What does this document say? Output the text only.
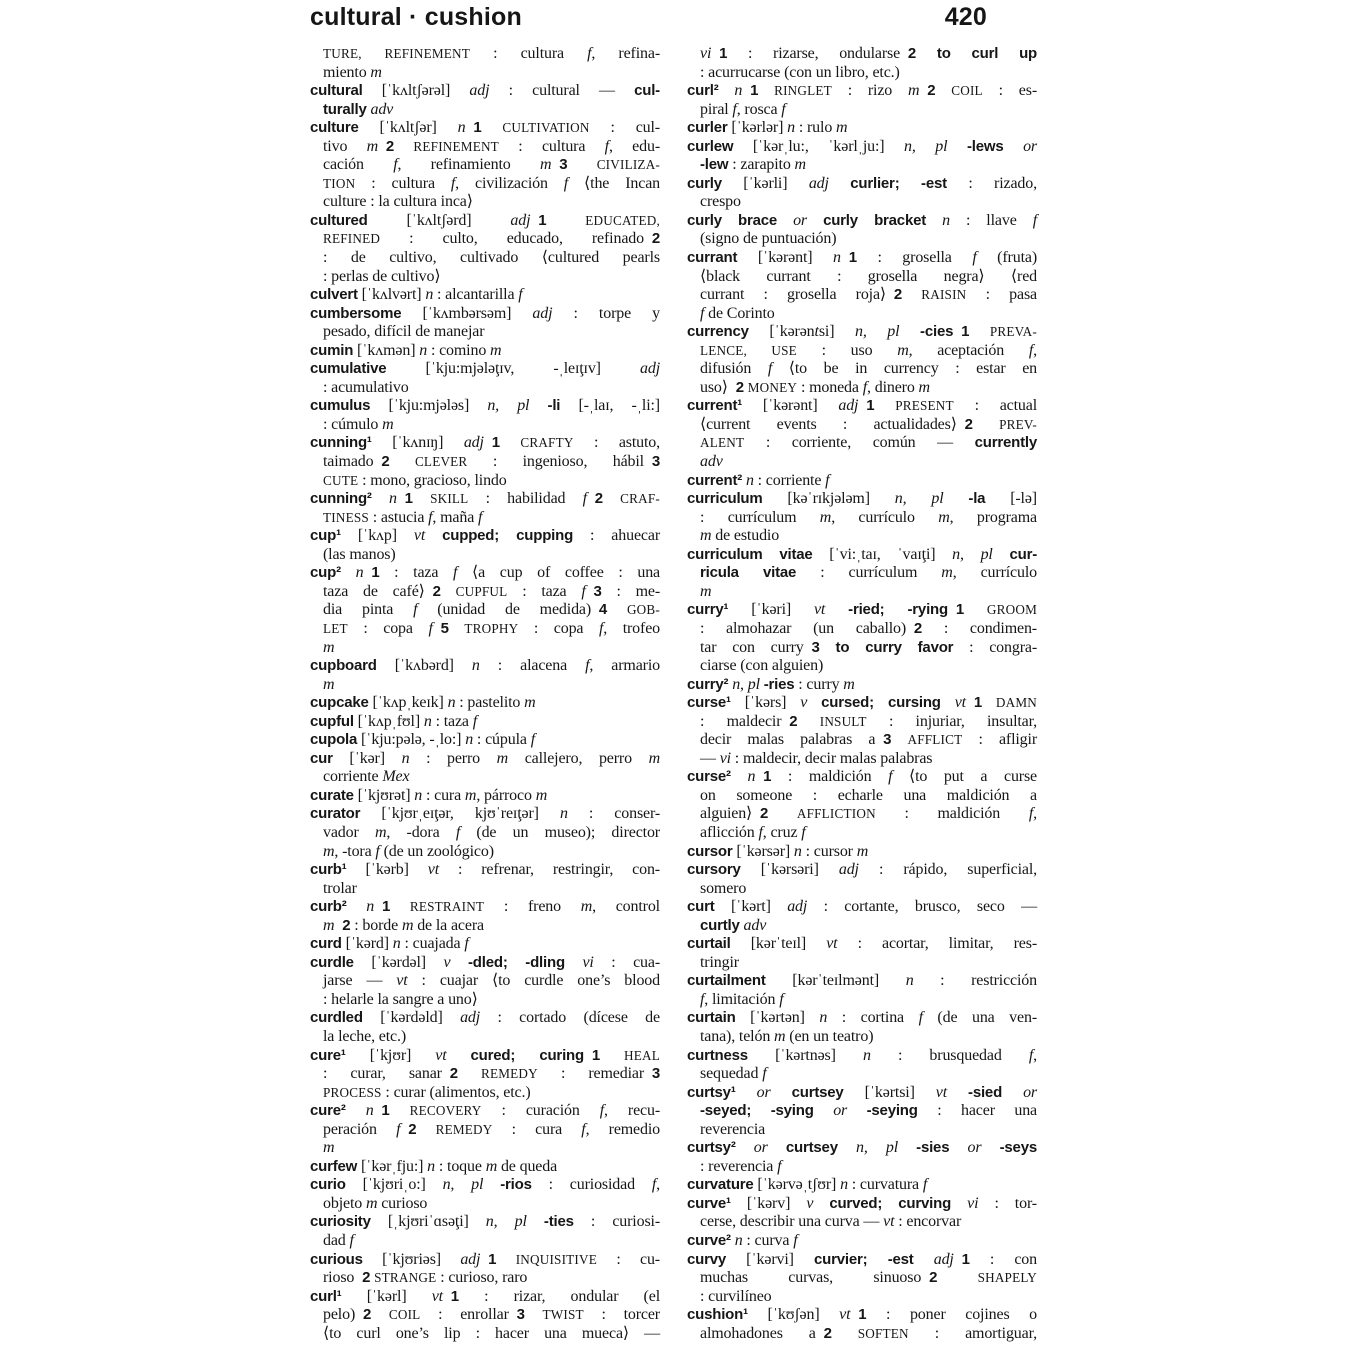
cultural · cushion	420
TURE, REFINEMENT : cultura f, refina-
miento m
cultural [ˈkʌltʃərəl] adj : cultural — cul-
turally adv
culture [ˈkʌltʃər] n  1 CULTIVATION : cul-
tivo m  2 REFINEMENT : cultura f, edu-
cación f, refinamiento m  3 CIVILIZA-
TION : cultura f, civilización f ⟨the Incan
culture : la cultura inca⟩
cultured [ˈkʌltʃərd] adj  1	EDUCATED,
REFINED : culto, educado, refinado 2
: de cultivo, cultivado ⟨cultured pearls
: perlas de cultivo⟩
culvert [ˈkʌlvərt] n : alcantarilla f
cumbersome [ˈkʌmbərsəm] adj : torpe y
pesado, difícil de manejar
cumin [ˈkʌmən] n : comino m
cumulative [ˈkju:mjələţɪv, -ˌleɪţɪv] adj
: acumulativo
cumulus [ˈkju:mjələs] n, pl -li [-ˌlaɪ, -ˌli:]
: cúmulo m
cunning¹ [ˈkʌnɪŋ] adj  1 CRAFTY : astuto,
taimado 2 CLEVER : ingenioso, hábil 3
CUTE : mono, gracioso, lindo
cunning² n  1 SKILL : habilidad f  2 CRAF-
TINESS : astucia f, maña f
cup¹ [ˈkʌp] vt cupped; cupping : ahuecar
(las manos)
cup² n  1 : taza f ⟨a cup of coffee : una
taza de café⟩ 2 CUPFUL : taza f  3 : me-
dia pinta f (unidad de medida) 4 GOB-
LET : copa f  5 TROPHY : copa f, trofeo
m
cupboard [ˈkʌbərd] n : alacena f, armario
m
cupcake [ˈkʌpˌkeɪk] n : pastelito m
cupful [ˈkʌpˌfʊl] n : taza f
cupola [ˈkju:pələ, -ˌlo:] n : cúpula f
cur [ˈkər] n : perro m callejero, perro m
corriente Mex
curate [ˈkjʊrət] n : cura m, párroco m
curator [ˈkjʊrˌeɪţər, kjʊˈreɪţər] n : conser-
vador m, -dora f (de un museo); director
m, -tora f (de un zoológico)
curb¹ [ˈkərb] vt : refrenar, restringir, con-
trolar
curb² n  1 RESTRAINT : freno m, control
m  2 : borde m de la acera
curd [ˈkərd] n : cuajada f
curdle [ˈkərdəl] v -dled; -dling vi : cua-
jarse — vt : cuajar ⟨to curdle one’s blood
: helarle la sangre a uno⟩
curdled [ˈkərdəld] adj : cortado (dícese de
la leche, etc.)
cure¹ [ˈkjʊr] vt cured; curing  1 HEAL
: curar, sanar 2 REMEDY : remediar 3
PROCESS : curar (alimentos, etc.)
cure² n  1 RECOVERY : curación f, recu-
peración f  2 REMEDY : cura f, remedio
m
curfew [ˈkərˌfju:] n : toque m de queda
curio [ˈkjʊriˌo:] n, pl -rios : curiosidad f,
objeto m curioso
curiosity [ˌkjʊriˈɑsəţi] n, pl -ties : curiosi-
dad f
curious [ˈkjʊriəs] adj  1 INQUISITIVE : cu-
rioso 2 STRANGE : curioso, raro
curl¹ [ˈkərl] vt  1 : rizar, ondular (el
pelo) 2 COIL : enrollar 3 TWIST : torcer
⟨to curl one’s lip : hacer una mueca⟩ —
vi  1 : rizarse, ondularse 2 to curl up
: acurrucarse (con un libro, etc.)
curl² n  1 RINGLET : rizo m  2 COIL : es-
piral f, rosca f
curler [ˈkərlər] n : rulo m
curlew [ˈkərˌlu:, ˈkərlˌju:] n, pl -lews or
-lew : zarapito m
curly [ˈkərli] adj curlier; -est : rizado,
crespo
curly brace or curly bracket n : llave f
(signo de puntuación)
currant [ˈkərənt] n  1 : grosella f (fruta)
⟨black currant : grosella negra⟩ ⟨red
currant : grosella roja⟩ 2 RAISIN : pasa
f de Corinto
currency [ˈkərəntsi] n, pl -cies  1 PREVA-
LENCE, USE : uso m, aceptación f,
difusión f ⟨to be in currency : estar en
uso⟩ 2 MONEY : moneda f, dinero m
current¹ [ˈkərənt] adj  1 PRESENT : actual
⟨current events : actualidades⟩ 2 PREV-
ALENT : corriente, común — currently
adv
current² n : corriente f
curriculum [kəˈrɪkjələm] n, pl -la [-lə]
: currículum m, currículo m, programa
m de estudio
curriculum vitae [ˈvi:ˌtaɪ, ˈvaɪţi] n, pl cur-
ricula vitae : currículum m, currículo
m
curry¹ [ˈkəri] vt -ried; -rying  1 GROOM
: almohazar (un caballo) 2 : condimen-
tar con curry 3 to curry favor : congra-
ciarse (con alguien)
curry² n, pl -ries : curry m
curse¹ [ˈkərs] v cursed; cursing vt  1 DAMN
: maldecir 2 INSULT : injuriar, insultar,
decir malas palabras a 3 AFFLICT : afligir
— vi : maldecir, decir malas palabras
curse² n  1 : maldición f ⟨to put a curse
on someone : echarle una maldición a
alguien⟩ 2 AFFLICTION : maldición f,
aflicción f, cruz f
cursor [ˈkərsər] n : cursor m
cursory [ˈkərsəri] adj : rápido, superficial,
somero
curt [ˈkərt] adj : cortante, brusco, seco —
curtly adv
curtail [kərˈteɪl] vt : acortar, limitar, res-
tringir
curtailment [kərˈteɪlmənt] n : restricción
f, limitación f
curtain [ˈkərtən] n : cortina f (de una ven-
tana), telón m (en un teatro)
curtness [ˈkərtnəs] n : brusquedad f,
sequedad f
curtsy¹ or curtsey [ˈkərtsi] vt -sied or
-seyed; -sying or -seying : hacer una
reverencia
curtsy² or curtsey n, pl -sies or -seys
: reverencia f
curvature [ˈkərvəˌtʃʊr] n : curvatura f
curve¹ [ˈkərv] v curved; curving vi : tor-
cerse, describir una curva — vt : encorvar
curve² n : curva f
curvy [ˈkərvi] curvier; -est adj  1 : con
muchas curvas, sinuoso 2	SHAPELY
: curvilíneo
cushion¹ [ˈkʊʃən] vt  1 : poner cojines o
almohadones a 2 SOFTEN : amortiguar,
